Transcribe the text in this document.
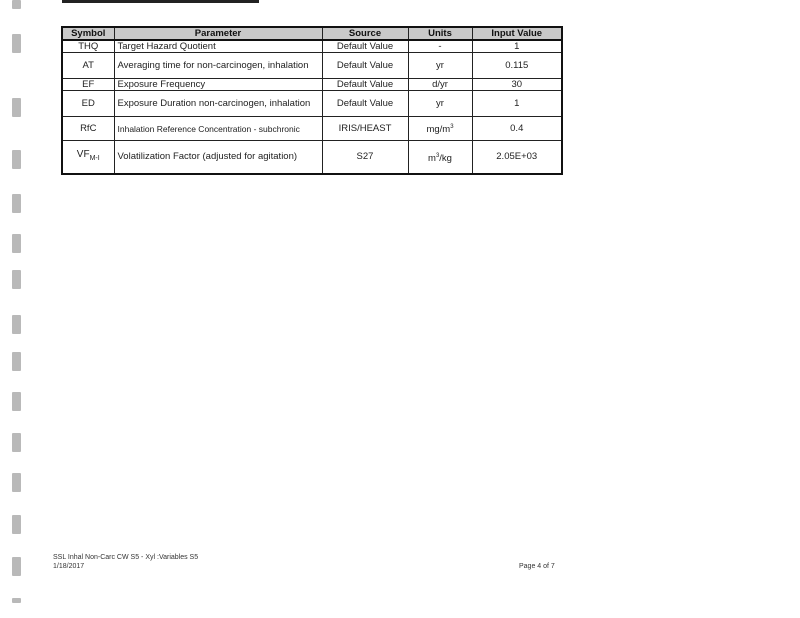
Symbol	Parameter	Source	Units	Input Value
THQ	Target Hazard Quotient	Default Value	-	1
AT	Averaging time for non-carcinogen, inhalation	Default Value	yr	0.115
EF	Exposure Frequency	Default Value	d/yr	30
ED	Exposure Duration non-carcinogen, inhalation	Default Value	yr	1
RfC	Inhalation Reference Concentration - subchronic	IRIS/HEAST	$mg/m^3$	0.4
$VF_{M-I}$	Volatilization Factor (adjusted for agitation)	S27	$m^3/kg$	2.05E+03
SSL Inhal Non-Carc CW S5 - Xyl :Variables S5
1/18/2017	Page 4 of 7
